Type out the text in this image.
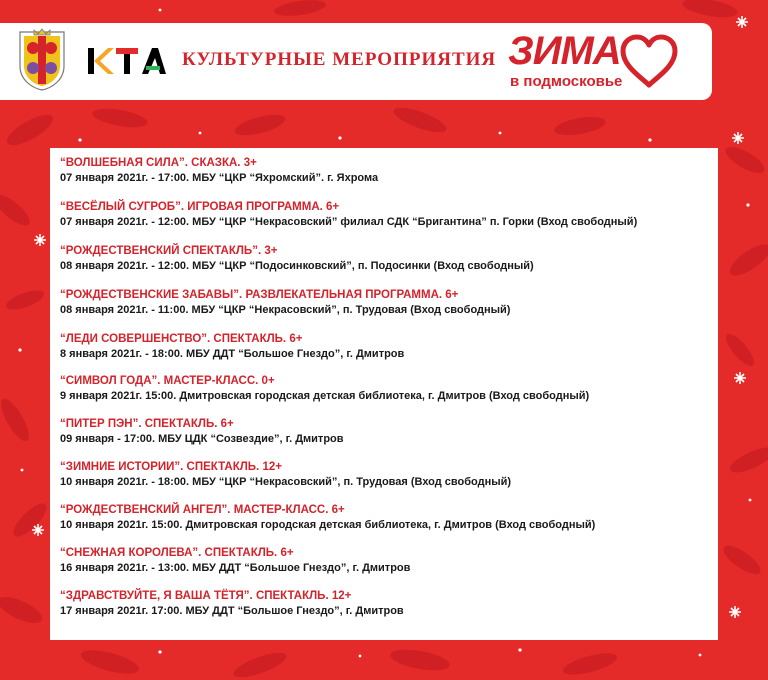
КУЛЬТУРНЫЕ МЕРОПРИЯТИЯ ЗИМА
в подмосковье
“ВОЛШЕБНАЯ СИЛА”. СКАЗКА. 3+
07 января 2021г. - 17:00. МБУ “ЦКР “Яхромский”. г. Яхрома
“ВЕСЁЛЫЙ СУГРОБ”. ИГРОВАЯ ПРОГРАММА. 6+
07 января 2021г. - 12:00. МБУ “ЦКР “Некрасовский” филиал СДК “Бригантина” п. Горки (Вход свободный)
“РОЖДЕСТВЕНСКИЙ СПЕКТАКЛЬ”. 3+
08 января 2021г. - 12:00. МБУ “ЦКР “Подосинковский”, п. Подосинки (Вход свободный)
“РОЖДЕСТВЕНСКИЕ ЗАБАВЫ”. РАЗВЛЕКАТЕЛЬНАЯ ПРОГРАММА. 6+
08 января 2021г. - 11:00. МБУ “ЦКР “Некрасовский”, п. Трудовая (Вход свободный)
“ЛЕДИ СОВЕРШЕНСТВО”. СПЕКТАКЛЬ. 6+
8 января 2021г. - 18:00. МБУ ДДТ “Большое Гнездо”, г. Дмитров
“СИМВОЛ ГОДА”. МАСТЕР-КЛАСС. 0+
9 января 2021г. 15:00. Дмитровская городская детская библиотека, г. Дмитров (Вход свободный)
“ПИТЕР ПЭН”. СПЕКТАКЛЬ. 6+
09 января - 17:00. МБУ ЦДК “Созвездие”, г. Дмитров
“ЗИМНИЕ ИСТОРИИ”. СПЕКТАКЛЬ. 12+
10 января 2021г. - 18:00. МБУ “ЦКР “Некрасовский”, п. Трудовая (Вход свободный)
“РОЖДЕСТВЕНСКИЙ АНГЕЛ”. МАСТЕР-КЛАСС. 6+
10 января 2021г. 15:00. Дмитровская городская детская библиотека, г. Дмитров (Вход свободный)
“СНЕЖНАЯ КОРОЛЕВА”. СПЕКТАКЛЬ. 6+
16 января 2021г. - 13:00. МБУ ДДТ “Большое Гнездо”, г. Дмитров
“ЗДРАВСТВУЙТЕ, Я ВАША ТЁТЯ”. СПЕКТАКЛЬ. 12+
17 января 2021г. 17:00. МБУ ДДТ “Большое Гнездо”, г. Дмитров
